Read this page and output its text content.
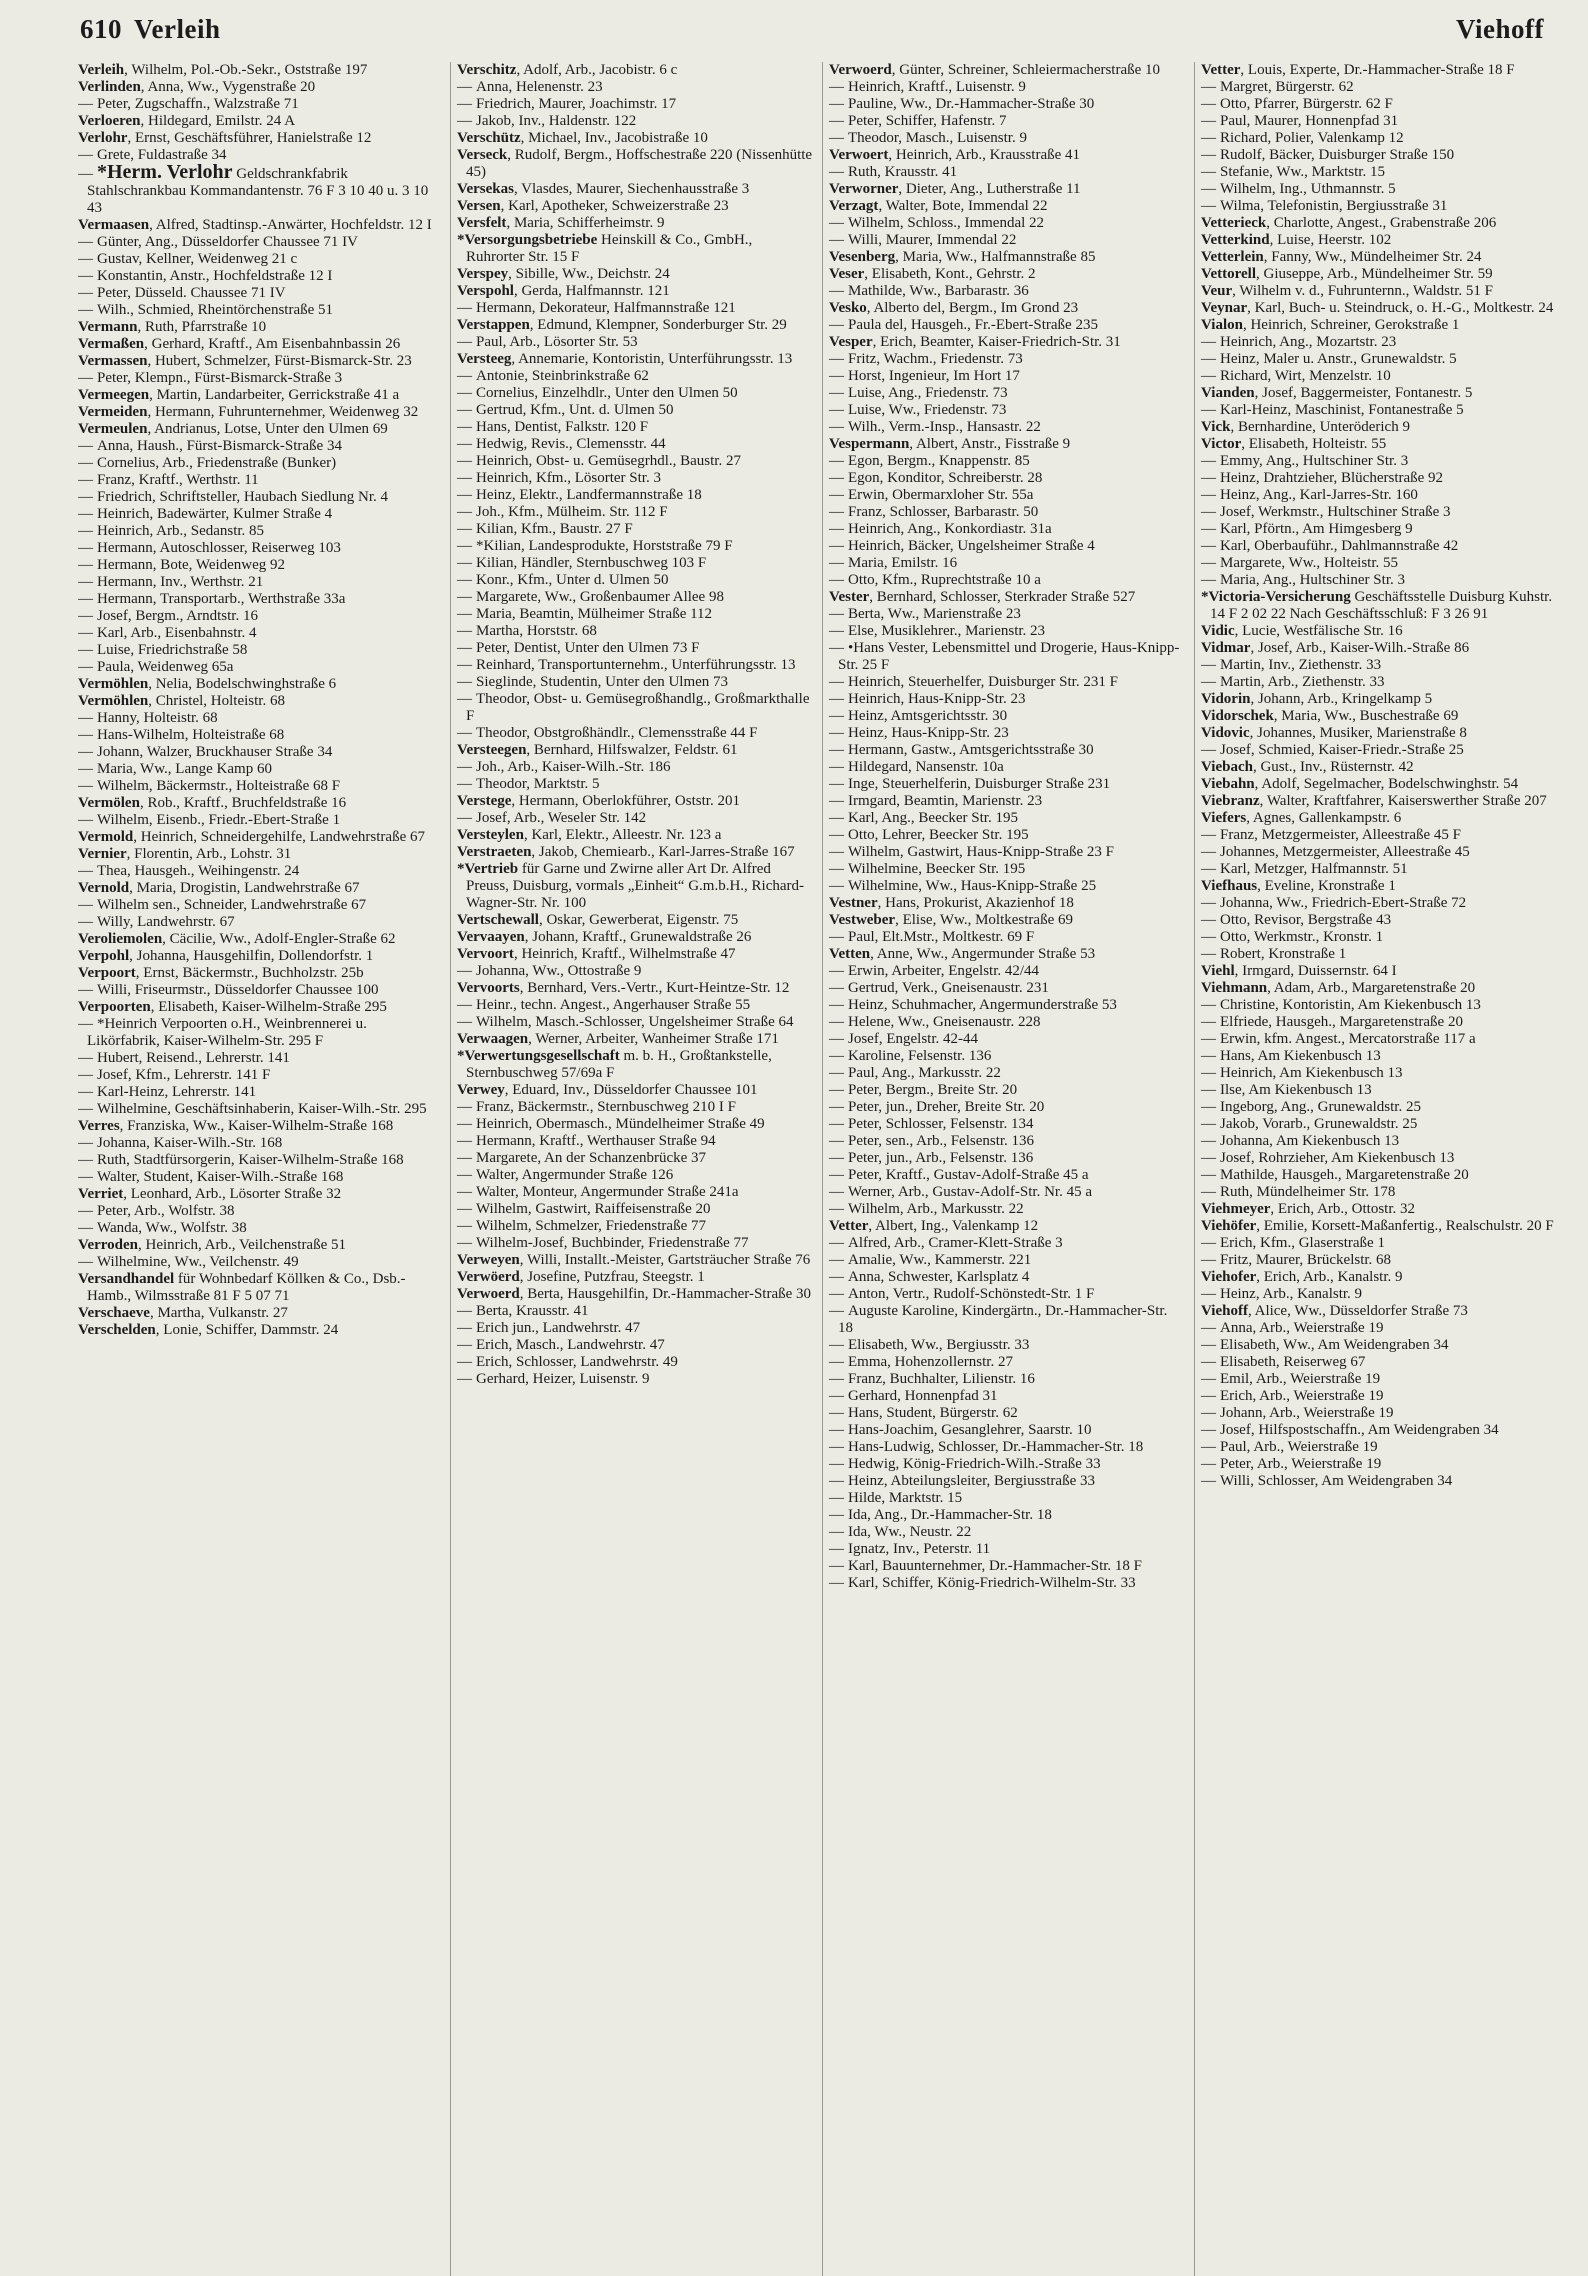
610 Verleih	Viehoff

Verleih, Wilhelm, Pol.-Ob.-Sekr., Oststraße 197

Verlinden, Anna, Ww., Vygenstraße 20

— Peter, Zugschaffn., Walzstraße 71

Verloeren, Hildegard, Emilstr. 24 A

Verlohr, Ernst, Geschäftsführer, Hanielstraße 12

— Grete, Fuldastraße 34

— *Herm. Verlohr Geldschrankfabrik Stahlschrankbau Kommandantenstr. 76 F 3 10 40 u. 3 10 43

Vermaasen, Alfred, Stadtinsp.-Anwärter, Hochfeldstr. 12 I

— Günter, Ang., Düsseldorfer Chaussee 71 IV

— Gustav, Kellner, Weidenweg 21 c

— Konstantin, Anstr., Hochfeldstraße 12 I

— Peter, Düsseld. Chaussee 71 IV

— Wilh., Schmied, Rheintörchenstraße 51

Vermann, Ruth, Pfarrstraße 10

Vermaßen, Gerhard, Kraftf., Am Eisenbahnbassin 26

Vermassen, Hubert, Schmelzer, Fürst-Bismarck-Str. 23

— Peter, Klempn., Fürst-Bismarck-Straße 3

Vermeegen, Martin, Landarbeiter, Gerrickstraße 41 a

Vermeiden, Hermann, Fuhrunternehmer, Weidenweg 32

Vermeulen, Andrianus, Lotse, Unter den Ulmen 69

— Anna, Haush., Fürst-Bismarck-Straße 34

— Cornelius, Arb., Friedenstraße (Bunker)

— Franz, Kraftf., Werthstr. 11

— Friedrich, Schriftsteller, Haubach Siedlung Nr. 4

— Heinrich, Badewärter, Kulmer Straße 4

— Heinrich, Arb., Sedanstr. 85

— Hermann, Autoschlosser, Reiserweg 103

— Hermann, Bote, Weidenweg 92

— Hermann, Inv., Werthstr. 21

— Hermann, Transportarb., Werthstraße 33a

— Josef, Bergm., Arndtstr. 16

— Karl, Arb., Eisenbahnstr. 4

— Luise, Friedrichstraße 58

— Paula, Weidenweg 65a

Vermöhlen, Nelia, Bodelschwinghstraße 6

Vermöhlen, Christel, Holteistr. 68

— Hanny, Holteistr. 68

— Hans-Wilhelm, Holteistraße 68

— Johann, Walzer, Bruckhauser Straße 34

— Maria, Ww., Lange Kamp 60

— Wilhelm, Bäckermstr., Holteistraße 68 F

Vermölen, Rob., Kraftf., Bruchfeldstraße 16

— Wilhelm, Eisenb., Friedr.-Ebert-Straße 1

Vermold, Heinrich, Schneidergehilfe, Landwehrstraße 67

Vernier, Florentin, Arb., Lohstr. 31

— Thea, Hausgeh., Weihingenstr. 24

Vernold, Maria, Drogistin, Landwehrstraße 67

— Wilhelm sen., Schneider, Landwehrstraße 67

— Willy, Landwehrstr. 67

Veroliemolen, Cäcilie, Ww., Adolf-Engler-Straße 62

Verpohl, Johanna, Hausgehilfin, Dollendorfstr. 1

Verpoort, Ernst, Bäckermstr., Buchholzstr. 25b

— Willi, Friseurmstr., Düsseldorfer Chaussee 100

Verpoorten, Elisabeth, Kaiser-Wilhelm-Straße 295

— *Heinrich Verpoorten o.H., Weinbrennerei u. Likörfabrik, Kaiser-Wilhelm-Str. 295 F

— Hubert, Reisend., Lehrerstr. 141

— Josef, Kfm., Lehrerstr. 141 F

— Karl-Heinz, Lehrerstr. 141

— Wilhelmine, Geschäftsinhaberin, Kaiser-Wilh.-Str. 295

Verres, Franziska, Ww., Kaiser-Wilhelm-Straße 168

— Johanna, Kaiser-Wilh.-Str. 168

— Ruth, Stadtfürsorgerin, Kaiser-Wilhelm-Straße 168

— Walter, Student, Kaiser-Wilh.-Straße 168

Verriet, Leonhard, Arb., Lösorter Straße 32

— Peter, Arb., Wolfstr. 38

— Wanda, Ww., Wolfstr. 38

Verroden, Heinrich, Arb., Veilchenstraße 51

— Wilhelmine, Ww., Veilchenstr. 49

Versandhandel für Wohnbedarf Köllken & Co., Dsb.-Hamb., Wilmsstraße 81 F 5 07 71

Verschaeve, Martha, Vulkanstr. 27

Verschelden, Lonie, Schiffer, Dammstr. 24

Verschitz, Adolf, Arb., Jacobistr. 6 c

— Anna, Helenenstr. 23

— Friedrich, Maurer, Joachimstr. 17

— Jakob, Inv., Haldenstr. 122

Verschütz, Michael, Inv., Jacobistraße 10

Verseck, Rudolf, Bergm., Hoffschestraße 220 (Nissenhütte 45)

Versekas, Vlasdes, Maurer, Siechenhausstraße 3

Versen, Karl, Apotheker, Schweizerstraße 23

Versfelt, Maria, Schifferheimstr. 9

*Versorgungsbetriebe Heinskill & Co., GmbH., Ruhrorter Str. 15 F

Verspey, Sibille, Ww., Deichstr. 24

Verspohl, Gerda, Halfmannstr. 121

— Hermann, Dekorateur, Halfmannstraße 121

Verstappen, Edmund, Klempner, Sonderburger Str. 29

— Paul, Arb., Lösorter Str. 53

Versteeg, Annemarie, Kontoristin, Unterführungsstr. 13

— Antonie, Steinbrinkstraße 62

— Cornelius, Einzelhdlr., Unter den Ulmen 50

— Gertrud, Kfm., Unt. d. Ulmen 50

— Hans, Dentist, Falkstr. 120 F

— Hedwig, Revis., Clemensstr. 44

— Heinrich, Obst- u. Gemüsegrhdl., Baustr. 27

— Heinrich, Kfm., Lösorter Str. 3

— Heinz, Elektr., Landfermannstraße 18

— Joh., Kfm., Mülheim. Str. 112 F

— Kilian, Kfm., Baustr. 27 F

— *Kilian, Landesprodukte, Horststraße 79 F

— Kilian, Händler, Sternbuschweg 103 F

— Konr., Kfm., Unter d. Ulmen 50

— Margarete, Ww., Großenbaumer Allee 98

— Maria, Beamtin, Mülheimer Straße 112

— Martha, Horststr. 68

— Peter, Dentist, Unter den Ulmen 73 F

— Reinhard, Transportunternehm., Unterführungsstr. 13

— Sieglinde, Studentin, Unter den Ulmen 73

— Theodor, Obst- u. Gemüsegroßhandlg., Großmarkthalle F

— Theodor, Obstgroßhändlr., Clemensstraße 44 F

Versteegen, Bernhard, Hilfswalzer, Feldstr. 61

— Joh., Arb., Kaiser-Wilh.-Str. 186

— Theodor, Marktstr. 5

Verstege, Hermann, Oberlokführer, Oststr. 201

— Josef, Arb., Weseler Str. 142

Versteylen, Karl, Elektr., Alleestr. Nr. 123 a

Verstraeten, Jakob, Chemiearb., Karl-Jarres-Straße 167

*Vertrieb für Garne und Zwirne aller Art Dr. Alfred Preuss, Duisburg, vormals „Einheit“ G.m.b.H., Richard-Wagner-Str. Nr. 100

Vertschewall, Oskar, Gewerberat, Eigenstr. 75

Vervaayen, Johann, Kraftf., Grunewaldstraße 26

Vervoort, Heinrich, Kraftf., Wilhelmstraße 47

— Johanna, Ww., Ottostraße 9

Vervoorts, Bernhard, Vers.-Vertr., Kurt-Heintze-Str. 12

— Heinr., techn. Angest., Angerhauser Straße 55

— Wilhelm, Masch.-Schlosser, Ungelsheimer Straße 64

Verwaagen, Werner, Arbeiter, Wanheimer Straße 171

*Verwertungsgesellschaft m. b. H., Großtankstelle, Sternbuschweg 57/69a F

Verwey, Eduard, Inv., Düsseldorfer Chaussee 101

— Franz, Bäckermstr., Sternbuschweg 210 I F

— Heinrich, Obermasch., Mündelheimer Straße 49

— Hermann, Kraftf., Werthauser Straße 94

— Margarete, An der Schanzenbrücke 37

— Walter, Angermunder Straße 126

— Walter, Monteur, Angermunder Straße 241a

— Wilhelm, Gastwirt, Raiffeisenstraße 20

— Wilhelm, Schmelzer, Friedenstraße 77

— Wilhelm-Josef, Buchbinder, Friedenstraße 77

Verweyen, Willi, Installt.-Meister, Gartsträucher Straße 76

Verwöerd, Josefine, Putzfrau, Steegstr. 1

Verwoerd, Berta, Hausgehilfin, Dr.-Hammacher-Straße 30

— Berta, Krausstr. 41

— Erich jun., Landwehrstr. 47

— Erich, Masch., Landwehrstr. 47

— Erich, Schlosser, Landwehrstr. 49

— Gerhard, Heizer, Luisenstr. 9

Verwoerd, Günter, Schreiner, Schleiermacherstraße 10

— Heinrich, Kraftf., Luisenstr. 9

— Pauline, Ww., Dr.-Hammacher-Straße 30

— Peter, Schiffer, Hafenstr. 7

— Theodor, Masch., Luisenstr. 9

Verwoert, Heinrich, Arb., Krausstraße 41

— Ruth, Krausstr. 41

Verworner, Dieter, Ang., Lutherstraße 11

Verzagt, Walter, Bote, Immendal 22

— Wilhelm, Schloss., Immendal 22

— Willi, Maurer, Immendal 22

Vesenberg, Maria, Ww., Halfmannstraße 85

Veser, Elisabeth, Kont., Gehrstr. 2

— Mathilde, Ww., Barbarastr. 36

Vesko, Alberto del, Bergm., Im Grond 23

— Paula del, Hausgeh., Fr.-Ebert-Straße 235

Vesper, Erich, Beamter, Kaiser-Friedrich-Str. 31

— Fritz, Wachm., Friedenstr. 73

— Horst, Ingenieur, Im Hort 17

— Luise, Ang., Friedenstr. 73

— Luise, Ww., Friedenstr. 73

— Wilh., Verm.-Insp., Hansastr. 22

Vespermann, Albert, Anstr., Fisstraße 9

— Egon, Bergm., Knappenstr. 85

— Egon, Konditor, Schreiberstr. 28

— Erwin, Obermarxloher Str. 55a

— Franz, Schlosser, Barbarastr. 50

— Heinrich, Ang., Konkordiastr. 31a

— Heinrich, Bäcker, Ungelsheimer Straße 4

— Maria, Emilstr. 16

— Otto, Kfm., Ruprechtstraße 10 a

Vester, Bernhard, Schlosser, Sterkrader Straße 527

— Berta, Ww., Marienstraße 23

— Else, Musiklehrer., Marienstr. 23

— •Hans Vester, Lebensmittel und Drogerie, Haus-Knipp-Str. 25 F

— Heinrich, Steuerhelfer, Duisburger Str. 231 F

— Heinrich, Haus-Knipp-Str. 23

— Heinz, Amtsgerichtsstr. 30

— Heinz, Haus-Knipp-Str. 23

— Hermann, Gastw., Amtsgerichtsstraße 30

— Hildegard, Nansenstr. 10a

— Inge, Steuerhelferin, Duisburger Straße 231

— Irmgard, Beamtin, Marienstr. 23

— Karl, Ang., Beecker Str. 195

— Otto, Lehrer, Beecker Str. 195

— Wilhelm, Gastwirt, Haus-Knipp-Straße 23 F

— Wilhelmine, Beecker Str. 195

— Wilhelmine, Ww., Haus-Knipp-Straße 25

Vestner, Hans, Prokurist, Akazienhof 18

Vestweber, Elise, Ww., Moltkestraße 69

— Paul, Elt.Mstr., Moltkestr. 69 F

Vetten, Anne, Ww., Angermunder Straße 53

— Erwin, Arbeiter, Engelstr. 42/44

— Gertrud, Verk., Gneisenaustr. 231

— Heinz, Schuhmacher, Angermunderstraße 53

— Helene, Ww., Gneisenaustr. 228

— Josef, Engelstr. 42-44

— Karoline, Felsenstr. 136

— Paul, Ang., Markusstr. 22

— Peter, Bergm., Breite Str. 20

— Peter, jun., Dreher, Breite Str. 20

— Peter, Schlosser, Felsenstr. 134

— Peter, sen., Arb., Felsenstr. 136

— Peter, jun., Arb., Felsenstr. 136

— Peter, Kraftf., Gustav-Adolf-Straße 45 a

— Werner, Arb., Gustav-Adolf-Str. Nr. 45 a

— Wilhelm, Arb., Markusstr. 22

Vetter, Albert, Ing., Valenkamp 12

— Alfred, Arb., Cramer-Klett-Straße 3

— Amalie, Ww., Kammerstr. 221

— Anna, Schwester, Karlsplatz 4

— Anton, Vertr., Rudolf-Schönstedt-Str. 1 F

— Auguste Karoline, Kindergärtn., Dr.-Hammacher-Str. 18

— Elisabeth, Ww., Bergiusstr. 33

— Emma, Hohenzollernstr. 27

— Franz, Buchhalter, Lilienstr. 16

— Gerhard, Honnenpfad 31

— Hans, Student, Bürgerstr. 62

— Hans-Joachim, Gesanglehrer, Saarstr. 10

— Hans-Ludwig, Schlosser, Dr.-Hammacher-Str. 18

— Hedwig, König-Friedrich-Wilh.-Straße 33

— Heinz, Abteilungsleiter, Bergiusstraße 33

— Hilde, Marktstr. 15

— Ida, Ang., Dr.-Hammacher-Str. 18

— Ida, Ww., Neustr. 22

— Ignatz, Inv., Peterstr. 11

— Karl, Bauunternehmer, Dr.-Hammacher-Str. 18 F

— Karl, Schiffer, König-Friedrich-Wilhelm-Str. 33

Vetter, Louis, Experte, Dr.-Hammacher-Straße 18 F

— Margret, Bürgerstr. 62

— Otto, Pfarrer, Bürgerstr. 62 F

— Paul, Maurer, Honnenpfad 31

— Richard, Polier, Valenkamp 12

— Rudolf, Bäcker, Duisburger Straße 150

— Stefanie, Ww., Marktstr. 15

— Wilhelm, Ing., Uthmannstr. 5

— Wilma, Telefonistin, Bergiusstraße 31

Vetterieck, Charlotte, Angest., Grabenstraße 206

Vetterkind, Luise, Heerstr. 102

Vetterlein, Fanny, Ww., Mündelheimer Str. 24

Vettorell, Giuseppe, Arb., Mündelheimer Str. 59

Veur, Wilhelm v. d., Fuhrunternn., Waldstr. 51 F

Veynar, Karl, Buch- u. Steindruck, o. H.-G., Moltkestr. 24

Vialon, Heinrich, Schreiner, Gerokstraße 1

— Heinrich, Ang., Mozartstr. 23

— Heinz, Maler u. Anstr., Grunewaldstr. 5

— Richard, Wirt, Menzelstr. 10

Vianden, Josef, Baggermeister, Fontanestr. 5

— Karl-Heinz, Maschinist, Fontanestraße 5

Vick, Bernhardine, Unteröderich 9

Victor, Elisabeth, Holteistr. 55

— Emmy, Ang., Hultschiner Str. 3

— Heinz, Drahtzieher, Blücherstraße 92

— Heinz, Ang., Karl-Jarres-Str. 160

— Josef, Werkmstr., Hultschiner Straße 3

— Karl, Pförtn., Am Himgesberg 9

— Karl, Oberbauführ., Dahlmannstraße 42

— Margarete, Ww., Holteistr. 55

— Maria, Ang., Hultschiner Str. 3

*Victoria-Versicherung Geschäftsstelle Duisburg Kuhstr. 14 F 2 02 22 Nach Geschäftsschluß: F 3 26 91

Vidic, Lucie, Westfälische Str. 16

Vidmar, Josef, Arb., Kaiser-Wilh.-Straße 86

— Martin, Inv., Ziethenstr. 33

— Martin, Arb., Ziethenstr. 33

Vidorin, Johann, Arb., Kringelkamp 5

Vidorschek, Maria, Ww., Buschestraße 69

Vidovic, Johannes, Musiker, Marienstraße 8

— Josef, Schmied, Kaiser-Friedr.-Straße 25

Viebach, Gust., Inv., Rüsternstr. 42

Viebahn, Adolf, Segelmacher, Bodelschwinghstr. 54

Viebranz, Walter, Kraftfahrer, Kaiserswerther Straße 207

Viefers, Agnes, Gallenkampstr. 6

— Franz, Metzgermeister, Alleestraße 45 F

— Johannes, Metzgermeister, Alleestraße 45

— Karl, Metzger, Halfmannstr. 51

Viefhaus, Eveline, Kronstraße 1

— Johanna, Ww., Friedrich-Ebert-Straße 72

— Otto, Revisor, Bergstraße 43

— Otto, Werkmstr., Kronstr. 1

— Robert, Kronstraße 1

Viehl, Irmgard, Duissernstr. 64 I

Viehmann, Adam, Arb., Margaretenstraße 20

— Christine, Kontoristin, Am Kiekenbusch 13

— Elfriede, Hausgeh., Margaretenstraße 20

— Erwin, kfm. Angest., Mercatorstraße 117 a

— Hans, Am Kiekenbusch 13

— Heinrich, Am Kiekenbusch 13

— Ilse, Am Kiekenbusch 13

— Ingeborg, Ang., Grunewaldstr. 25

— Jakob, Vorarb., Grunewaldstr. 25

— Johanna, Am Kiekenbusch 13

— Josef, Rohrzieher, Am Kiekenbusch 13

— Mathilde, Hausgeh., Margaretenstraße 20

— Ruth, Mündelheimer Str. 178

Viehmeyer, Erich, Arb., Ottostr. 32

Viehöfer, Emilie, Korsett-Maßanfertig., Realschulstr. 20 F

— Erich, Kfm., Glaserstraße 1

— Fritz, Maurer, Brückelstr. 68

Viehofer, Erich, Arb., Kanalstr. 9

— Heinz, Arb., Kanalstr. 9

Viehoff, Alice, Ww., Düsseldorfer Straße 73

— Anna, Arb., Weierstraße 19

— Elisabeth, Ww., Am Weidengraben 34

— Elisabeth, Reiserweg 67

— Emil, Arb., Weierstraße 19

— Erich, Arb., Weierstraße 19

— Johann, Arb., Weierstraße 19

— Josef, Hilfspostschaffn., Am Weidengraben 34

— Paul, Arb., Weierstraße 19

— Peter, Arb., Weierstraße 19

— Willi, Schlosser, Am Weidengraben 34
